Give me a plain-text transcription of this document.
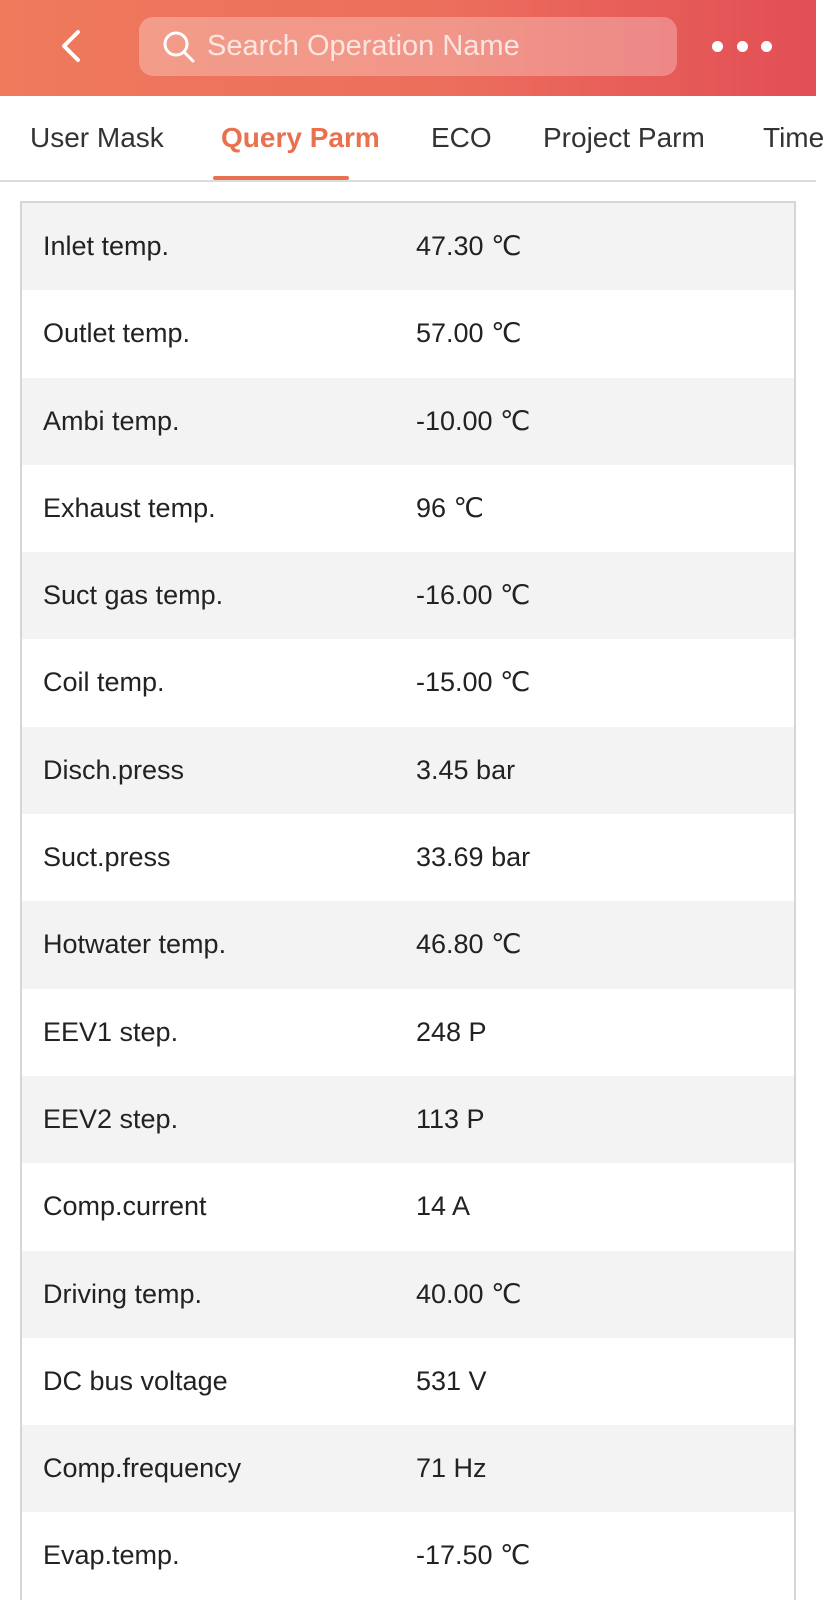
Search Operation Name
User Mask Query Parm ECO Project Parm Time
Inlet temp.	47.30 ℃
Outlet temp.	57.00 ℃
Ambi temp.	-10.00 ℃
Exhaust temp.	96 ℃
Suct gas temp.	-16.00 ℃
Coil temp.	-15.00 ℃
Disch.press	3.45 bar
Suct.press	33.69 bar
Hotwater temp.	46.80 ℃
EEV1 step.	248 P
EEV2 step.	113 P
Comp.current	14 A
Driving temp.	40.00 ℃
DC bus voltage	531 V
Comp.frequency	71 Hz
Evap.temp.	-17.50 ℃
